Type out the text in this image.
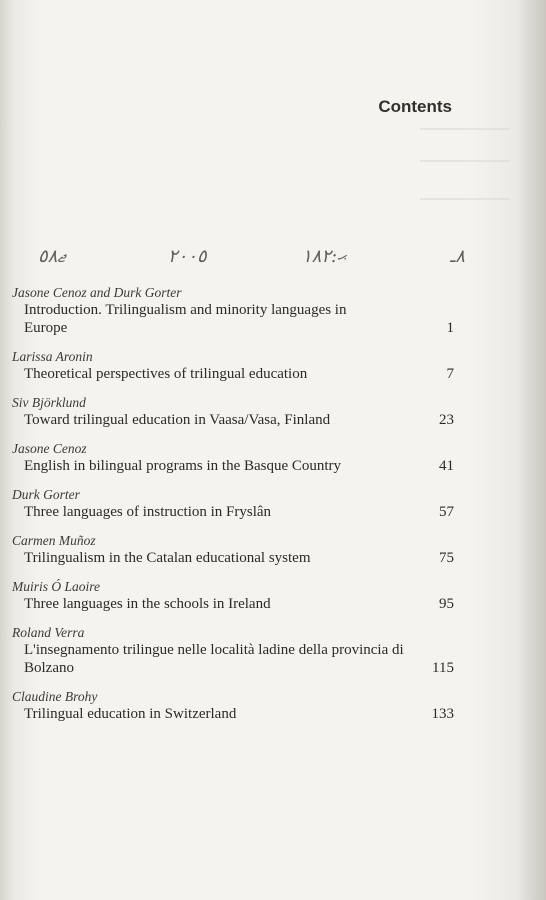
Contents
ޖ٥٨	٢٠٠٥	ޙ:١٨٢	٨ـ
Jasone Cenoz and Durk Gorter
Introduction. Trilingualism and minority languages in Europe	1
Larissa Aronin
Theoretical perspectives of trilingual education	7
Siv Björklund
Toward trilingual education in Vaasa/Vasa, Finland	23
Jasone Cenoz
English in bilingual programs in the Basque Country	41
Durk Gorter
Three languages of instruction in Fryslân	57
Carmen Muñoz
Trilingualism in the Catalan educational system	75
Muiris Ó Laoire
Three languages in the schools in Ireland	95
Roland Verra
L'insegnamento trilingue nelle località ladine della provincia di Bolzano	115
Claudine Brohy
Trilingual education in Switzerland	133
